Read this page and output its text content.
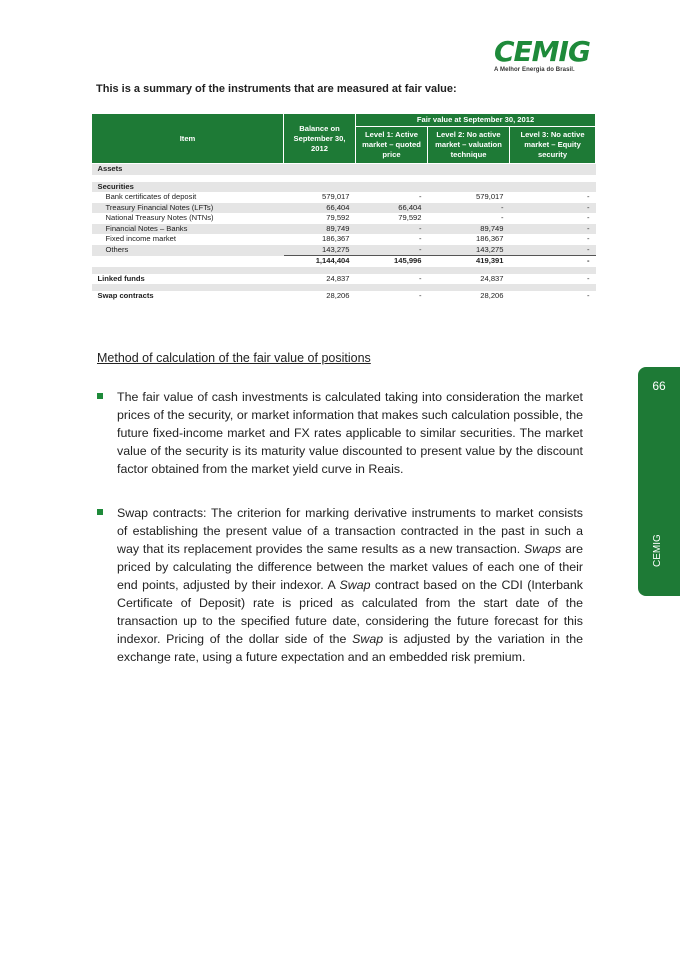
CEMIG
A Melhor Energia do Brasil.

This is a summary of the instruments that are measured at fair value:

Item	Balance on September 30, 2012	Fair value at September 30, 2012		
		Level 1: Active market – quoted price	Level 2: No active market – valuation technique	Level 3: No active market – Equity security
Assets				

Securities				
Bank certificates of deposit	579,017	-	579,017	-
Treasury Financial Notes (LFTs)	66,404	66,404	-	-
National Treasury Notes (NTNs)	79,592	79,592	-	-
Financial Notes – Banks	89,749	-	89,749	-
Fixed income market	186,367	-	186,367	-
Others	143,275	-	143,275	-
	1,144,404	145,996	419,391	-

Linked funds	24,837	-	24,837	-

Swap contracts	28,206	-	28,206	-

Method of calculation of the fair value of positions

The fair value of cash investments is calculated taking into consideration the market prices of the security, or market information that makes such calculation possible, the future fixed-income market and FX rates applicable to similar securities. The market value of the security is its maturity value discounted to present value by the discount factor obtained from the market yield curve in Reais.

Swap contracts: The criterion for marking derivative instruments to market consists of establishing the present value of a transaction contracted in the past in such a way that its replacement provides the same results as a new transaction. Swaps are priced by calculating the difference between the market values of each one of their end points, adjusted by their indexor. A Swap contract based on the CDI (Interbank Certificate of Deposit) rate is priced as calculated from the start date of the transaction up to the specified future date, considering the future forecast for this indexor. Pricing of the dollar side of the Swap is adjusted by the variation in the exchange rate, using a future expectation and an embedded risk premium.

66
CEMIG
